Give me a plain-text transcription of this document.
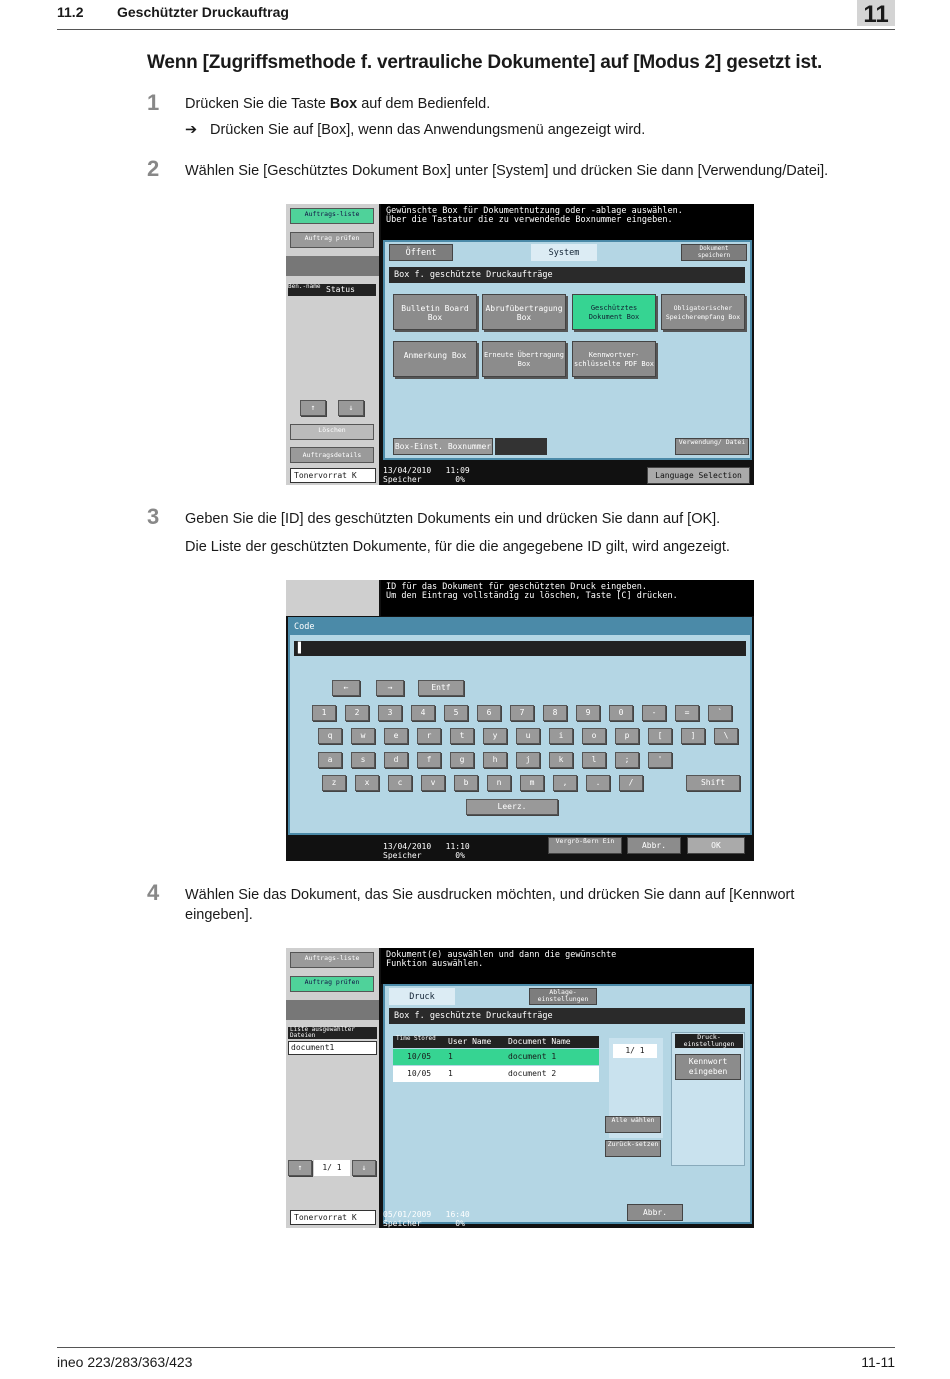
11.2 Geschützter Druckauftrag	11
Wenn [Zugriffsmethode f. vertrauliche Dokumente] auf [Modus 2] gesetzt ist.
1 Drücken Sie die Taste Box auf dem Bedienfeld.
➔ Drücken Sie auf [Box], wenn das Anwendungsmenü angezeigt wird.
2 Wählen Sie [Geschütztes Dokument Box] unter [System] und drücken Sie dann [Verwendung/Datei].
Auftrags-liste
Auftrag prüfen
Ben.-name Status
↑	↓
Löschen
Auftragsdetails
Tonervorrat K
Gewünschte Box für Dokumentnutzung oder -ablage auswählen.
Über die Tastatur die zu verwendende Boxnummer eingeben.
Öffent	System	Dokument speichern
Box f. geschützte Druckaufträge
Bulletin Board Box
Abrufübertragung Box
Geschütztes Dokument Box
Obligatorischer Speicherempfang Box
Anmerkung Box	Erneute Übertragung Box
Kennwortver-schlüsselte PDF Box
Box-Einst. Boxnummer	Verwendung/ Datei
13/04/2010 11:09
Speicher	0%	Language Selection
3 Geben Sie die [ID] des geschützten Dokuments ein und drücken Sie dann auf [OK].
Die Liste der geschützten Dokumente, für die die angegebene ID gilt, wird angezeigt.
ID für das Dokument für geschützten Druck eingeben.
Um den Eintrag vollständig zu löschen, Taste [C] drücken.
Code
▌
←	→	Entf
1	2	3	4	5	6	7	8	9	0	-	=	`
q	w	e	r	t	y	u	i	o	p	[	]	\
a	s	d	f	g	h	j	k	l	;	'
z	x	c	v	b	n	m	,	.	/	Shift
Leerz.
13/04/2010 11:10
Speicher	0%
Vergrö-ßern Ein	Abbr.	OK
4 Wählen Sie das Dokument, das Sie ausdrucken möchten, und drücken Sie dann auf [Kennwort eingeben].
Auftrags-liste
Auftrag prüfen
Liste ausgewählter Dateien
document1
↑	1/ 1	↓
Tonervorrat K
Dokument(e) auswählen und dann die gewünschte
Funktion auswählen.
Druck	Ablage-einstellungen
Box f. geschützte Druckaufträge
Time Stored User Name Document Name
10/05 1	document 1
10/05 1	document 2
1/ 1
Alle wählen
Zurück-setzen
Druck-einstellungen
Kennwort eingeben
05/01/2009 16:40
Speicher	0%
Abbr.
ineo 223/283/363/423	11-11
